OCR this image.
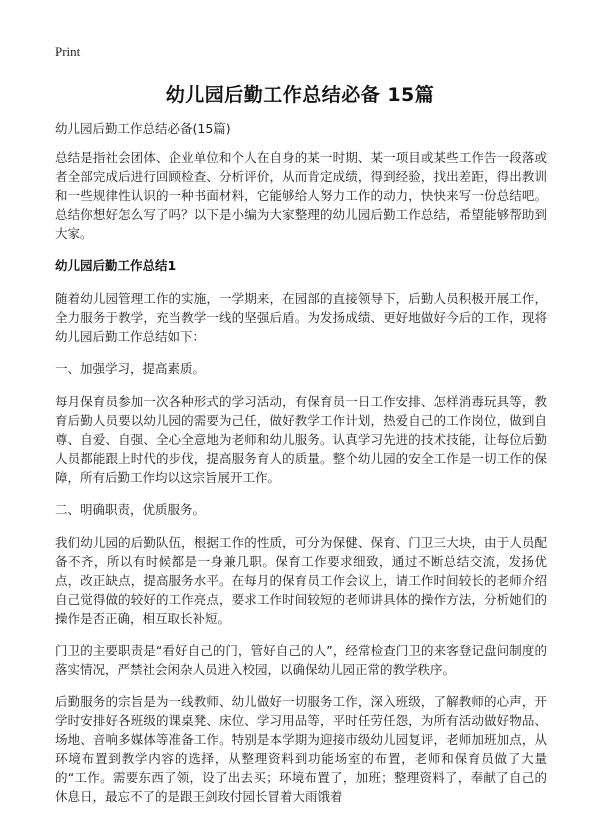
Print
幼儿园后勤工作总结必备 15篇

幼儿园后勤工作总结必备(15篇)

总结是指社会团体、企业单位和个人在自身的某一时期、某一项目或某些工作告一段落或者全部完成后进行回顾检查、分析评价，从而肯定成绩，得到经验，找出差距，得出教训和一些规律性认识的一种书面材料，它能够给人努力工作的动力，快快来写一份总结吧。总结你想好怎么写了吗？以下是小编为大家整理的幼儿园后勤工作总结，希望能够帮助到大家。

幼儿园后勤工作总结1

随着幼儿园管理工作的实施，一学期来，在园部的直接领导下，后勤人员积极开展工作，全力服务于教学，充当教学一线的坚强后盾。为发扬成绩、更好地做好今后的工作，现将幼儿园后勤工作总结如下：

一、加强学习，提高素质。

每月保育员参加一次各种形式的学习活动，有保育员一日工作安排、怎样消毒玩具等，教育后勤人员要以幼儿园的需要为己任，做好教学工作计划，热爱自己的工作岗位，做到自尊、自爱、自强、全心全意地为老师和幼儿服务。认真学习先进的技术技能，让每位后勤人员都能跟上时代的步伐，提高服务育人的质量。整个幼儿园的安全工作是一切工作的保障，所有后勤工作均以这宗旨展开工作。

二、明确职责，优质服务。

我们幼儿园的后勤队伍，根据工作的性质，可分为保健、保育、门卫三大块，由于人员配备不齐，所以有时候都是一身兼几职。保育工作要求细致，通过不断总结交流，发扬优点，改正缺点，提高服务水平。在每月的保育员工作会议上，请工作时间较长的老师介绍自己觉得做的较好的工作亮点，要求工作时间较短的老师讲具体的操作方法，分析她们的操作是否正确，相互取长补短。

门卫的主要职责是“看好自己的门，管好自己的人”，经常检查门卫的来客登记盘问制度的落实情况，严禁社会闲杂人员进入校园，以确保幼儿园正常的教学秩序。

后勤服务的宗旨是为一线教师、幼儿做好一切服务工作，深入班级，了解教师的心声，开学时安排好各班级的课桌凳、床位、学习用品等，平时任劳任怨，为所有活动做好物品、场地、音响多媒体等准备工作。特别是本学期为迎接市级幼儿园复评，老师加班加点，从环境布置到教学内容的选择，从整理资料到功能场室的布置，老师和保育员做了大量的“工作。需要东西了领，设了出去买；环境布置了，加班；整理资料了，奉献了自己的休息日，最忘不了的是跟王剑玫付园长冒着大雨饿着
